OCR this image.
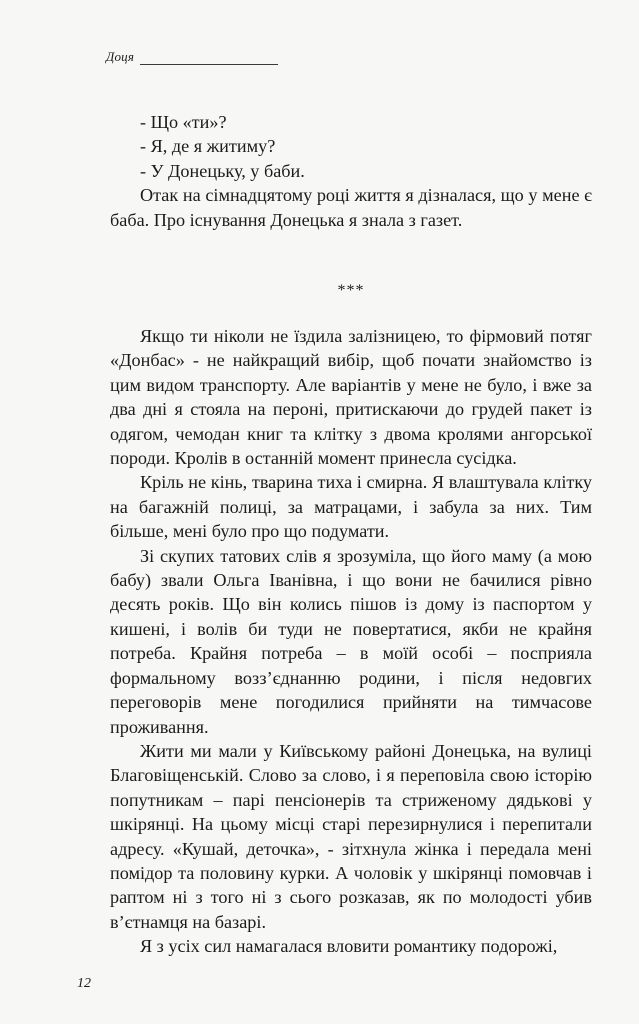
Доця

- Що «ти»?

- Я, де я житиму?

- У Донецьку, у баби.

Отак на сімнадцятому році життя я дізналася, що у мене є баба. Про існування Донецька я знала з газет.

***

Якщо ти ніколи не їздила залізницею, то фірмовий потяг «Донбас» - не найкращий вибір, щоб почати знайомство із цим видом транспорту. Але варіантів у мене не було, і вже за два дні я стояла на пероні, притискаючи до грудей пакет із одягом, чемодан книг та клітку з двома кролями ангорської породи. Кролів в останній момент принесла сусідка.

Кріль не кінь, тварина тиха і смирна. Я влаштувала клітку на багажній полиці, за матрацами, і забула за них. Тим більше, мені було про що подумати.

Зі скупих татових слів я зрозуміла, що його маму (а мою бабу) звали Ольга Іванівна, і що вони не бачилися рівно десять років. Що він колись пішов із дому із паспортом у кишені, і волів би туди не повертатися, якби не крайня потреба. Крайня потреба – в моїй особі – посприяла формальному возз’єднанню родини, і після недовгих переговорів мене погодилися прийняти на тимчасове проживання.

Жити ми мали у Київському районі Донецька, на вулиці Благовіщенській. Слово за слово, і я переповіла свою історію попутникам – парі пенсіонерів та стриженому дядькові у шкірянці. На цьому місці старі перезирнулися і перепитали адресу. «Кушай, деточка», - зітхнула жінка і передала мені помідор та половину курки. А чоловік у шкірянці помовчав і раптом ні з того ні з сього розказав, як по молодості убив в’єтнамця на базарі.

Я з усіх сил намагалася вловити романтику подорожі,

12
